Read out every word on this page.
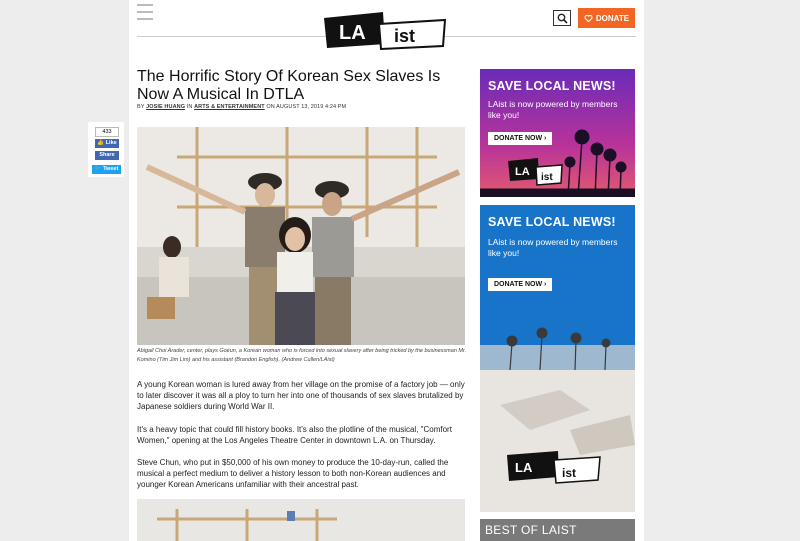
LA ist
DONATE
The Horrific Story Of Korean Sex Slaves Is Now A Musical In DTLA
BY JOSIE HUANG IN ARTS & ENTERTAINMENT ON AUGUST 13, 2019 4:24 PM

Abigail Choi Arader, center, plays Goeun, a Korean woman who is forced into sexual slavery after being tricked by the businessman Mr. Komino (Tim Jim Lim) and his assistant (Brandon English). (Andrew Cullen/LAist)

A young Korean woman is lured away from her village on the promise of a factory job — only to later discover it was all a ploy to turn her into one of thousands of sex slaves brutalized by Japanese soldiers during World War II.

It's a heavy topic that could fill history books. It's also the plotline of the musical, "Comfort Women," opening at the Los Angeles Theatre Center in downtown L.A. on Thursday.

Steve Chun, who put in $50,000 of his own money to produce the 10-day-run, called the musical a perfect medium to deliver a history lesson to both non-Korean audiences and younger Korean Americans unfamiliar with their ancestral past.

LA ist
SAVE LOCAL NEWS!
LAist is now powered by members like you!
DONATE NOW ›
LA ist
SAVE LOCAL NEWS!
LAist is now powered by members like you!
DONATE NOW ›
BEST OF LAIST
433
👍 Like
Share
🐦 Tweet
